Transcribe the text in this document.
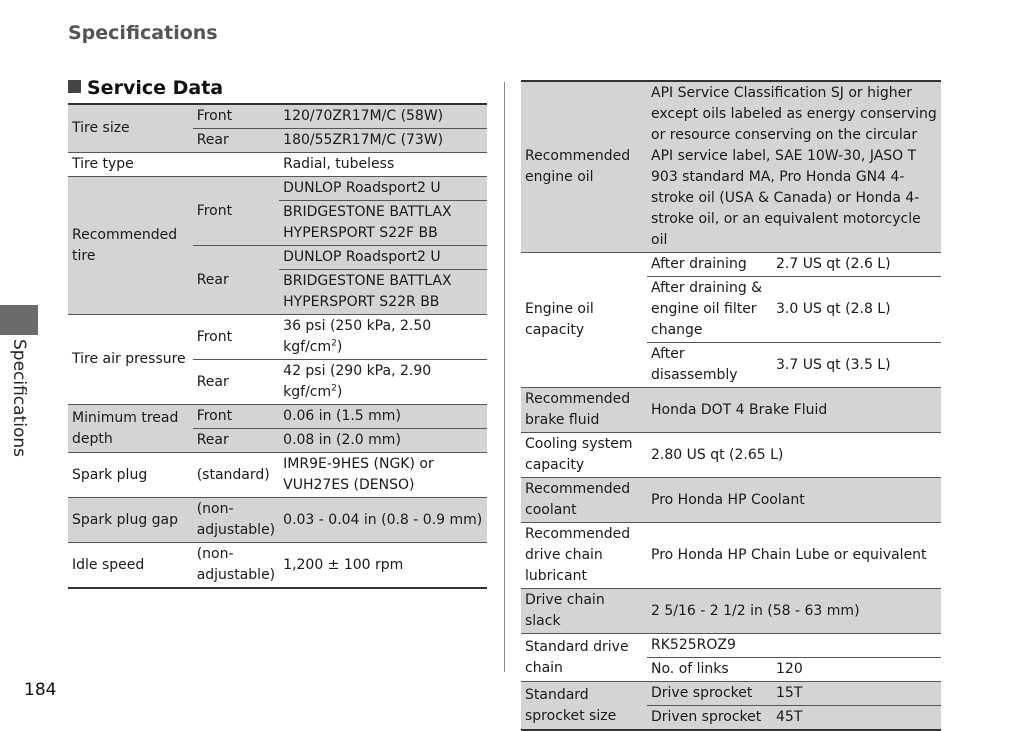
Specifications
Specifications
Service Data
Tire size	Front	120/70ZR17M/C (58W)
	Rear	180/55ZR17M/C (73W)
Tire type		Radial, tubeless
Recommended tire	Front	DUNLOP Roadsport2 U
		BRIDGESTONE BATTLAX HYPERSPORT S22F BB
	Rear	DUNLOP Roadsport2 U
		BRIDGESTONE BATTLAX HYPERSPORT S22R BB
Tire air pressure	Front	36 psi (250 kPa, 2.50 kgf/$cm^2$)
	Rear	42 psi (290 kPa, 2.90 kgf/$cm^2$)
Minimum tread depth	Front	0.06 in (1.5 mm)
	Rear	0.08 in (2.0 mm)
Spark plug	(standard)	IMR9E-9HES (NGK) or VUH27ES (DENSO)
Spark plug gap	(non-adjustable)	0.03 - 0.04 in (0.8 - 0.9 mm)
Idle speed	(non-adjustable)	1,200 ± 100 rpm
Recommended engine oil	API Service Classification SJ or higher except oils labeled as energy conserving or resource conserving on the circular API service label, SAE 10W-30, JASO T 903 standard MA, Pro Honda GN4 4-stroke oil (USA & Canada) or Honda 4-stroke oil, or an equivalent motorcycle oil	
Engine oil capacity	After draining	2.7 US qt (2.6 L)
	After draining & engine oil filter change	3.0 US qt (2.8 L)
	After disassembly	3.7 US qt (3.5 L)
Recommended brake fluid	Honda DOT 4 Brake Fluid	
Cooling system capacity	2.80 US qt (2.65 L)	
Recommended coolant	Pro Honda HP Coolant	
Recommended drive chain lubricant	Pro Honda HP Chain Lube or equivalent	
Drive chain slack	2 5/16 - 2 1/2 in (58 - 63 mm)	
Standard drive chain	RK525ROZ9	
	No. of links	120
Standard sprocket size	Drive sprocket	15T
	Driven sprocket	45T
184
